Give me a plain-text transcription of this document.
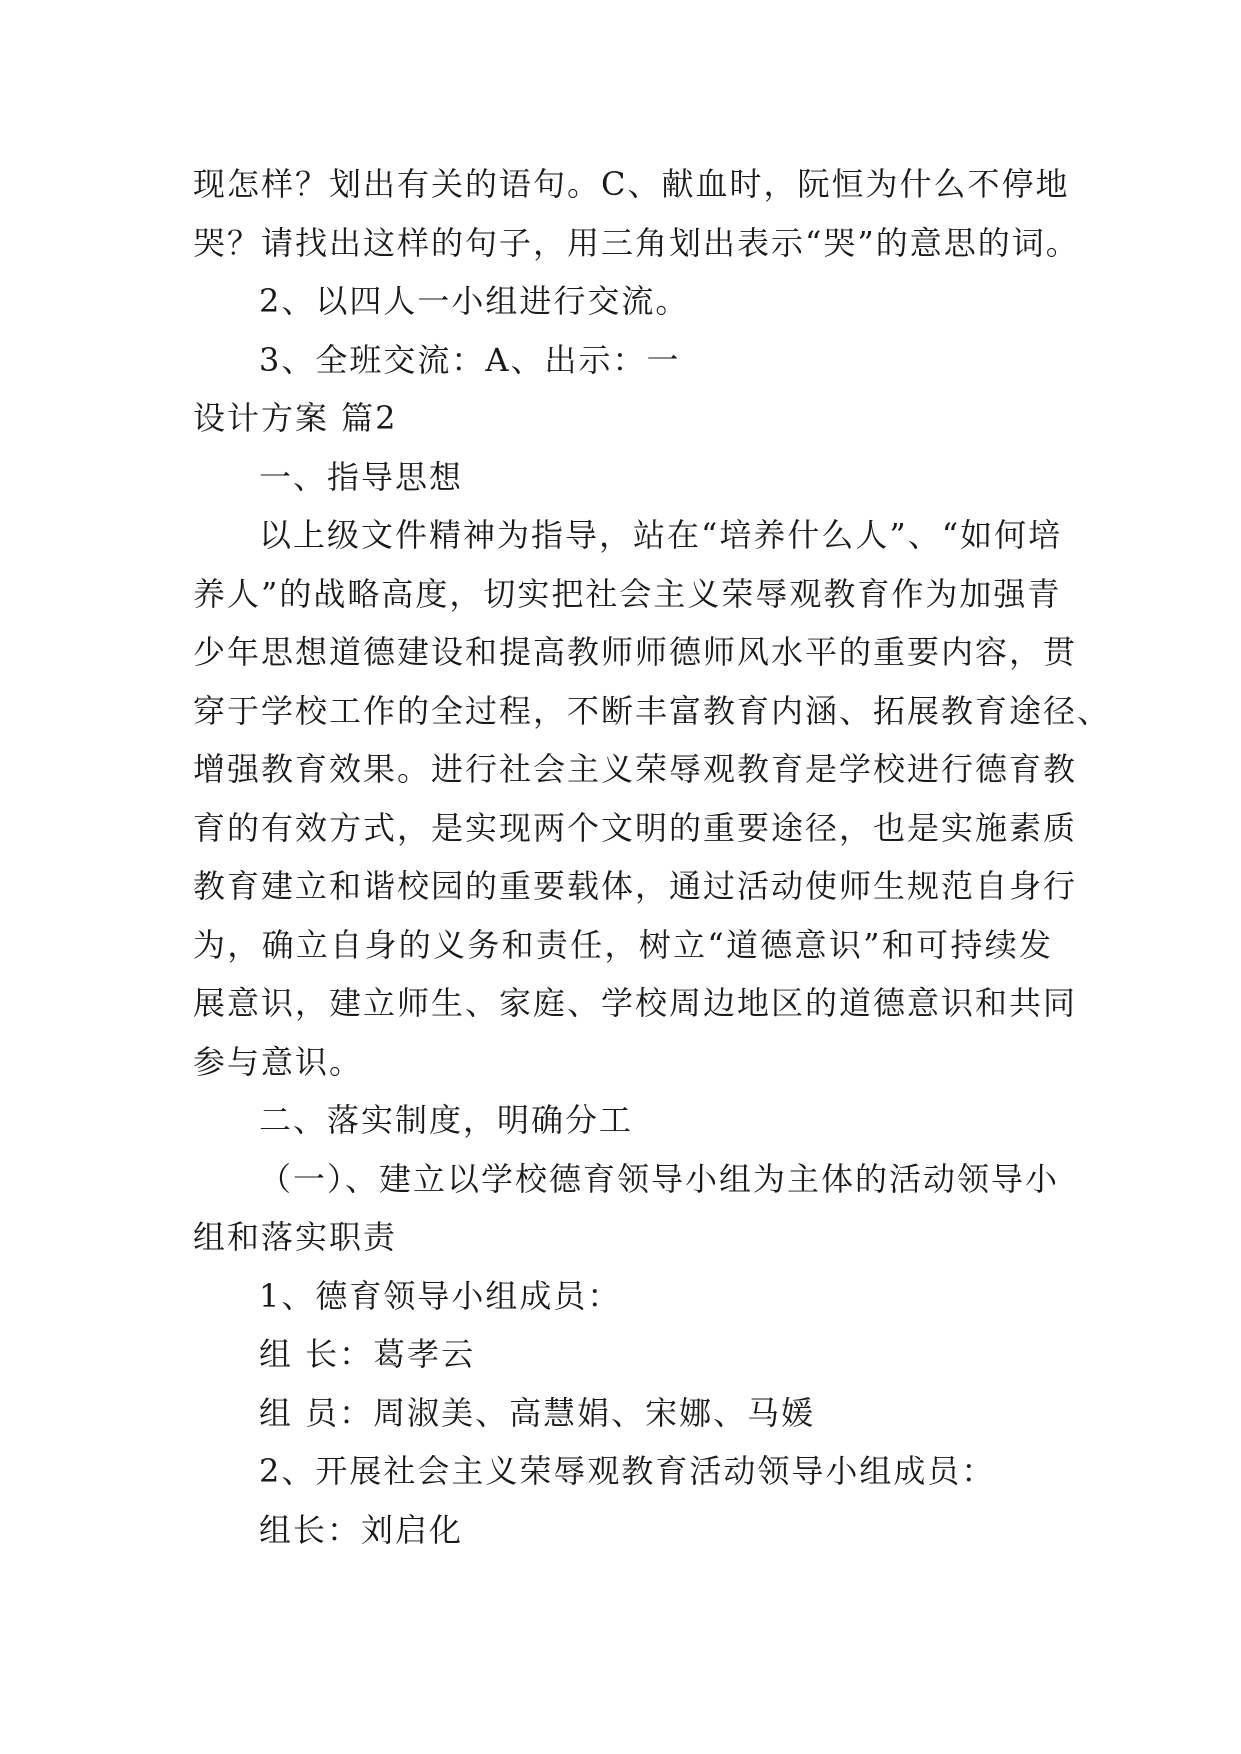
现怎样？划出有关的语句。C、献血时，阮恒为什么不停地
哭？请找出这样的句子，用三角划出表示“哭”的意思的词。
2、以四人一小组进行交流。
3、全班交流：A、出示：一
设计方案 篇2
一、指导思想
以上级文件精神为指导，站在“培养什么人”、“如何培
养人”的战略高度，切实把社会主义荣辱观教育作为加强青
少年思想道德建设和提高教师师德师风水平的重要内容，贯
穿于学校工作的全过程，不断丰富教育内涵、拓展教育途径、
增强教育效果。进行社会主义荣辱观教育是学校进行德育教
育的有效方式，是实现两个文明的重要途径，也是实施素质
教育建立和谐校园的重要载体，通过活动使师生规范自身行
为，确立自身的义务和责任，树立“道德意识”和可持续发
展意识，建立师生、家庭、学校周边地区的道德意识和共同
参与意识。
二、落实制度，明确分工
（一）、建立以学校德育领导小组为主体的活动领导小
组和落实职责
1、德育领导小组成员：
组 长：葛孝云
组 员：周淑美、高慧娟、宋娜、马媛
2、开展社会主义荣辱观教育活动领导小组成员：
组长：刘启化
